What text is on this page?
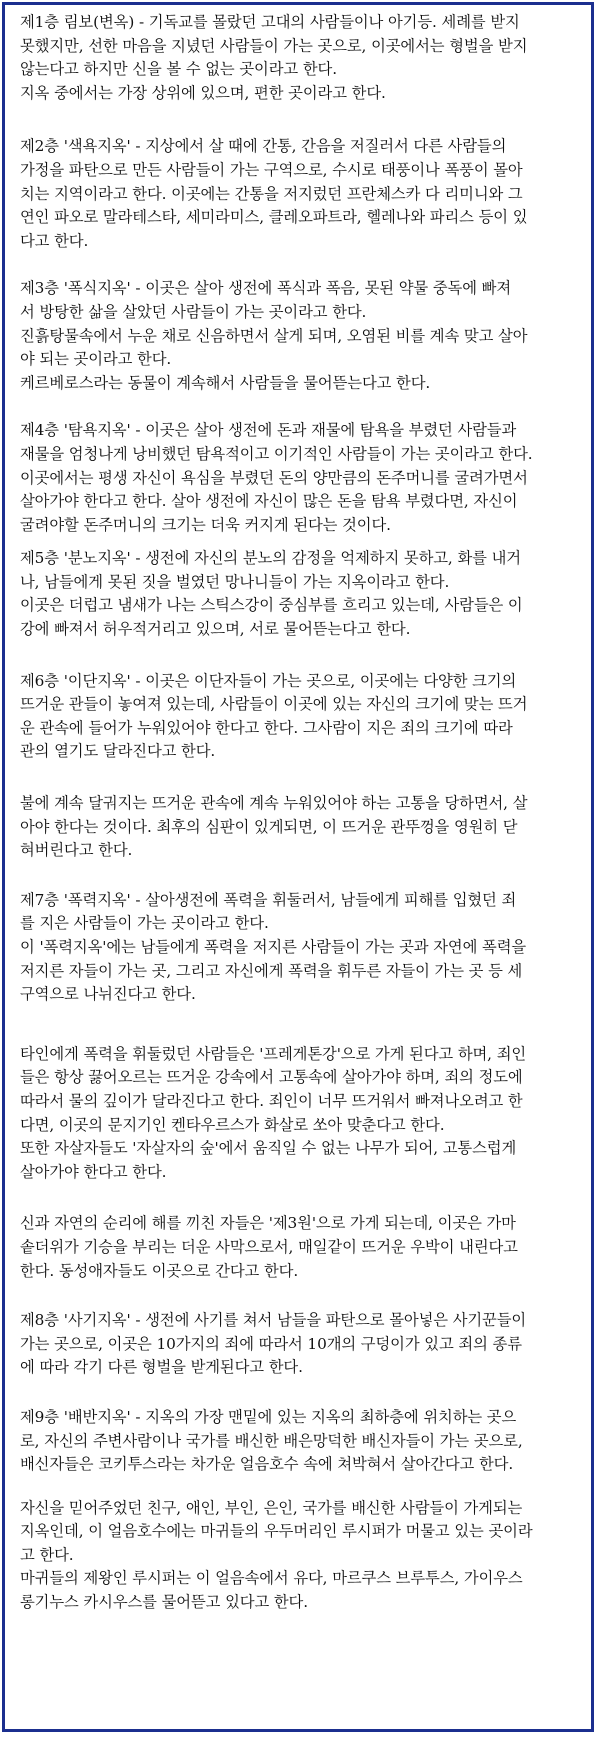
제1층 림보(변옥) - 기독교를 몰랐던 고대의 사람들이나 아기등. 세례를 받지
못했지만, 선한 마음을 지녔던 사람들이 가는 곳으로, 이곳에서는 형벌을 받지
않는다고 하지만 신을 볼 수 없는 곳이라고 한다.
지옥 중에서는 가장 상위에 있으며, 편한 곳이라고 한다.
제2층 '색욕지옥' - 지상에서 살 때에 간통, 간음을 저질러서 다른 사람들의
가정을 파탄으로 만든 사람들이 가는 구역으로, 수시로 태풍이나 폭풍이 몰아
치는 지역이라고 한다. 이곳에는 간통을 저지렀던 프란체스카 다 리미니와 그
연인 파오로 말라테스타, 세미라미스, 클레오파트라, 헬레나와 파리스 등이 있
다고 한다.
제3층 '폭식지옥' - 이곳은 살아 생전에 폭식과 폭음, 못된 약물 중독에 빠져
서 방탕한 삶을 살았던 사람들이 가는 곳이라고 한다.
진흙탕물속에서 누운 채로 신음하면서 살게 되며, 오염된 비를 계속 맞고 살아
야 되는 곳이라고 한다.
케르베로스라는 동물이 계속해서 사람들을 물어뜯는다고 한다.
제4층 '탐욕지옥' - 이곳은 살아 생전에 돈과 재물에 탐욕을 부렸던 사람들과
재물을 엄청나게 낭비했던 탐욕적이고 이기적인 사람들이 가는 곳이라고 한다.
이곳에서는 평생 자신이 욕심을 부렸던 돈의 양만큼의 돈주머니를 굴려가면서
살아가야 한다고 한다. 살아 생전에 자신이 많은 돈을 탐욕 부렸다면, 자신이
굴려야할 돈주머니의 크기는 더욱 커지게 된다는 것이다.
제5층 '분노지옥' - 생전에 자신의 분노의 감정을 억제하지 못하고, 화를 내거
나, 남들에게 못된 짓을 벌였던 망나니들이 가는 지옥이라고 한다.
이곳은 더럽고 냄새가 나는 스틱스강이 중심부를 흐리고 있는데, 사람들은 이
강에 빠져서 허우적거리고 있으며, 서로 물어뜯는다고 한다.
제6층 '이단지옥' - 이곳은 이단자들이 가는 곳으로, 이곳에는 다양한 크기의
뜨거운 관들이 놓여져 있는데, 사람들이 이곳에 있는 자신의 크기에 맞는 뜨거
운 관속에 들어가 누워있어야 한다고 한다. 그사람이 지은 죄의 크기에 따라
관의 열기도 달라진다고 한다.
불에 계속 달궈지는 뜨거운 관속에 계속 누워있어야 하는 고통을 당하면서, 살
아야 한다는 것이다. 최후의 심판이 있게되면, 이 뜨거운 관뚜껑을 영원히 닫
혀버린다고 한다.
제7층 '폭력지옥' - 살아생전에 폭력을 휘둘러서, 남들에게 피해를 입혔던 죄
를 지은 사람들이 가는 곳이라고 한다.
이 '폭력지옥'에는 남들에게 폭력을 저지른 사람들이 가는 곳과 자연에 폭력을
저지른 자들이 가는 곳, 그리고 자신에게 폭력을 휘두른 자들이 가는 곳 등 세
구역으로 나뉘진다고 한다.
타인에게 폭력을 휘둘렀던 사람들은 '프레게톤강'으로 가게 된다고 하며, 죄인
들은 항상 끓어오르는 뜨거운 강속에서 고통속에 살아가야 하며, 죄의 정도에
따라서 물의 깊이가 달라진다고 한다. 죄인이 너무 뜨거워서 빠져나오려고 한
다면, 이곳의 문지기인 켄타우르스가 화살로 쏘아 맞춘다고 한다.
또한 자살자들도 '자살자의 숲'에서 움직일 수 없는 나무가 되어, 고통스럽게
살아가야 한다고 한다.
신과 자연의 순리에 해를 끼친 자들은 '제3원'으로 가게 되는데, 이곳은 가마
솥더위가 기승을 부리는 더운 사막으로서, 매일같이 뜨거운 우박이 내린다고
한다. 동성애자들도 이곳으로 간다고 한다.
제8층 '사기지옥' - 생전에 사기를 쳐서 남들을 파탄으로 몰아넣은 사기꾼들이
가는 곳으로, 이곳은 10가지의 죄에 따라서 10개의 구덩이가 있고 죄의 종류
에 따라 각기 다른 형벌을 받게된다고 한다.
제9층 '배반지옥' - 지옥의 가장 맨밑에 있는 지옥의 최하층에 위치하는 곳으
로, 자신의 주변사람이나 국가를 배신한 배은망덕한 배신자들이 가는 곳으로,
배신자들은 코키투스라는 차가운 얼음호수 속에 쳐박혀서 살아간다고 한다.
자신을 믿어주었던 친구, 애인, 부인, 은인, 국가를 배신한 사람들이 가게되는
지옥인데, 이 얼음호수에는 마귀들의 우두머리인 루시퍼가 머물고 있는 곳이라
고 한다.
마귀들의 제왕인 루시퍼는 이 얼음속에서 유다, 마르쿠스 브루투스, 가이우스
롱기누스 카시우스를 물어뜯고 있다고 한다.
